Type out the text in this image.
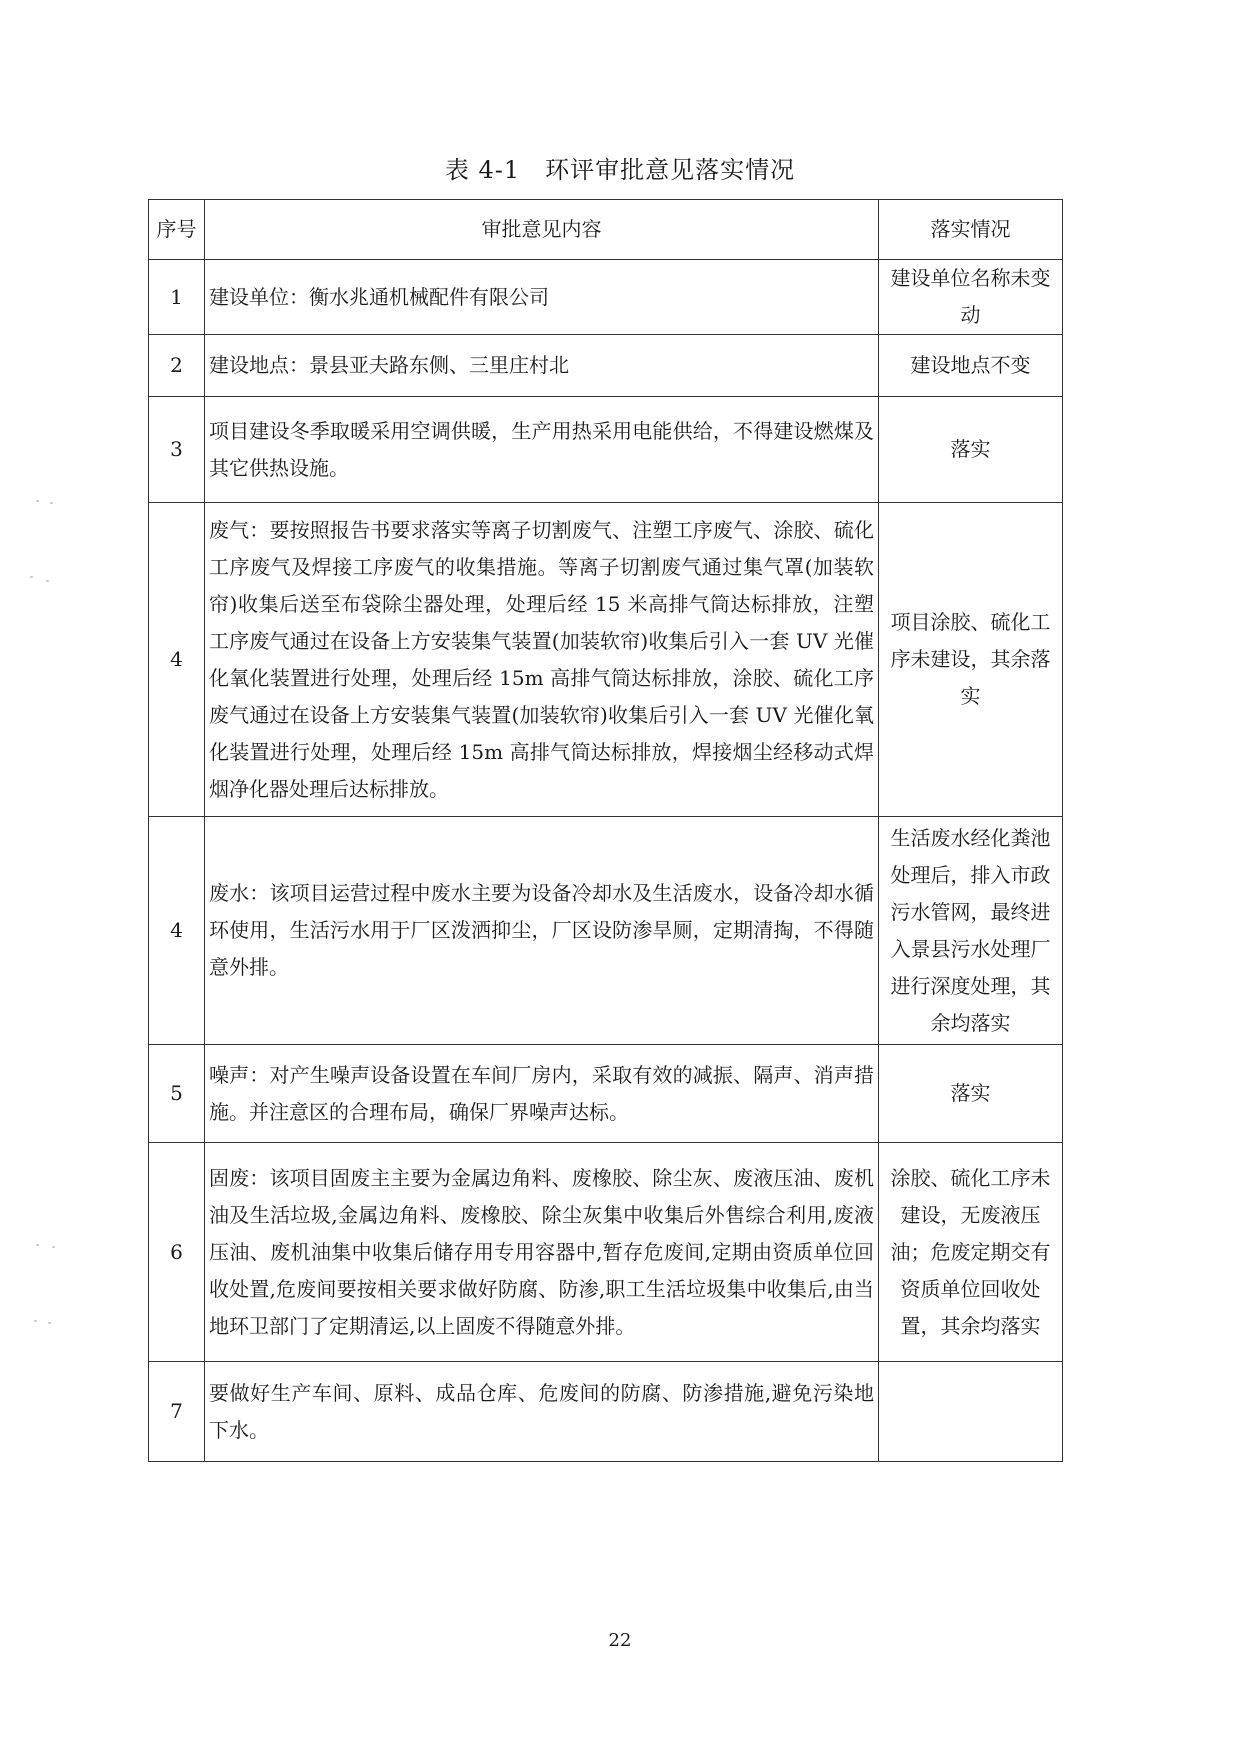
表 4-1　环评审批意见落实情况
序号	审批意见内容	落实情况
1	建设单位：衡水兆通机械配件有限公司	建设单位名称未变动
2	建设地点：景县亚夫路东侧、三里庄村北	建设地点不变
3	项目建设冬季取暖采用空调供暖，生产用热采用电能供给，不得建设燃煤及其它供热设施。	落实
4	废气：要按照报告书要求落实等离子切割废气、注塑工序废气、涂胶、硫化工序废气及焊接工序废气的收集措施。等离子切割废气通过集气罩(加装软帘)收集后送至布袋除尘器处理，处理后经 15 米高排气筒达标排放，注塑工序废气通过在设备上方安装集气装置(加装软帘)收集后引入一套 UV 光催化氧化装置进行处理，处理后经 15m 高排气筒达标排放，涂胶、硫化工序废气通过在设备上方安装集气装置(加装软帘)收集后引入一套 UV 光催化氧化装置进行处理，处理后经 15m 高排气筒达标排放，焊接烟尘经移动式焊烟净化器处理后达标排放。	项目涂胶、硫化工序未建设，其余落实
4	废水：该项目运营过程中废水主要为设备冷却水及生活废水，设备冷却水循环使用，生活污水用于厂区泼洒抑尘，厂区设防渗旱厕，定期清掏，不得随意外排。	生活废水经化粪池处理后，排入市政污水管网，最终进入景县污水处理厂进行深度处理，其余均落实
5	噪声：对产生噪声设备设置在车间厂房内，采取有效的减振、隔声、消声措施。并注意区的合理布局，确保厂界噪声达标。	落实
6	固废：该项目固废主主要为金属边角料、废橡胶、除尘灰、废液压油、废机油及生活垃圾,金属边角料、废橡胶、除尘灰集中收集后外售综合利用,废液压油、废机油集中收集后储存用专用容器中,暂存危废间,定期由资质单位回收处置,危废间要按相关要求做好防腐、防渗,职工生活垃圾集中收集后,由当地环卫部门了定期清运,以上固废不得随意外排。	涂胶、硫化工序未建设，无废液压油；危废定期交有资质单位回收处置，其余均落实
7	要做好生产车间、原料、成品仓库、危废间的防腐、防渗措施,避免污染地下水。	
22
